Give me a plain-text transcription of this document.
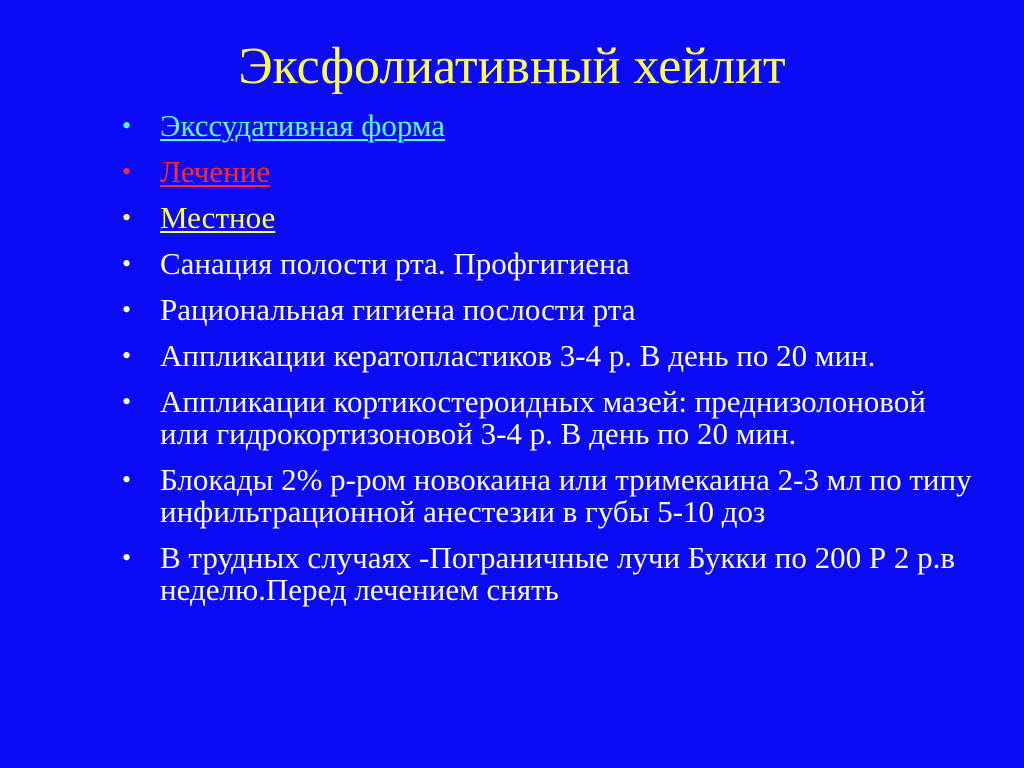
Эксфолиативный хейлит
• Экссудативная форма
• Лечение
• Местное
• Санация полости рта. Профгигиена
• Рациональная гигиена послости рта
• Аппликации кератопластиков 3-4 р. В день по 20 мин.
• Аппликации кортикостероидных мазей: преднизолоновой или гидрокортизоновой 3-4 р. В день по 20 мин.
• Блокады 2% р-ром новокаина или тримекаина 2-3 мл по типу инфильтрационной анестезии в губы 5-10 доз
• В трудных случаях -Пограничные лучи Букки по 200 Р 2 р.в неделю.Перед лечением снять
